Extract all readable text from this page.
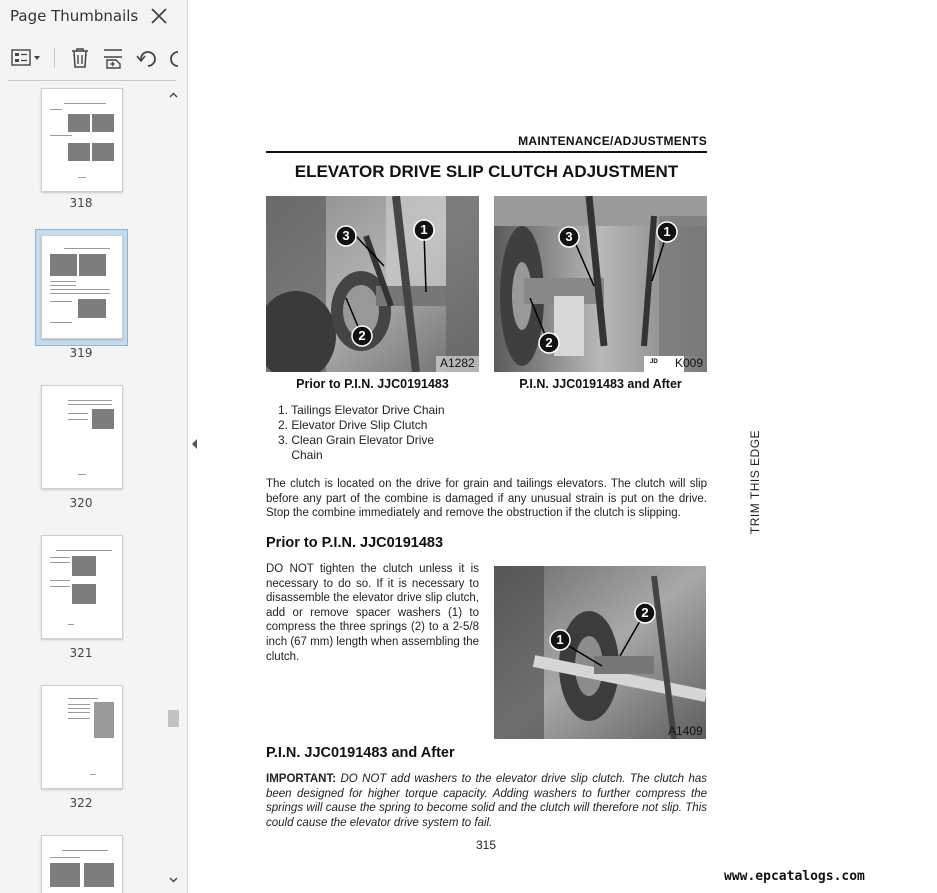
Page Thumbnails
318
319
320
321
322
MAINTENANCE/ADJUSTMENTS
ELEVATOR DRIVE SLIP CLUTCH ADJUSTMENT
3	1
2
A1282
Prior to P.I.N. JJC0191483
3	1
2
JD K009
P.I.N. JJC0191483 and After
1. Tailings Elevator Drive Chain
2. Elevator Drive Slip Clutch
3. Clean Grain Elevator Drive
Chain
The clutch is located on the drive for grain and tailings elevators. The clutch will slip before any part of the combine is damaged if any unusual strain is put on the drive. Stop the combine immediately and remove the obstruction if the clutch is slipping.
Prior to P.I.N. JJC0191483
DO NOT tighten the clutch unless it is necessary to do so. If it is necessary to disassemble the elevator drive slip clutch, add or remove spacer washers (1) to compress the three springs (2) to a 2-5/8 inch (67 mm) length when assembling the clutch.
1
2
A1409
P.I.N. JJC0191483 and After
IMPORTANT: DO NOT add washers to the elevator drive slip clutch. The clutch has been designed for higher torque capacity. Adding washers to further compress the springs will cause the spring to become solid and the clutch will therefore not slip. This could cause the elevator drive system to fail.
315
TRIM THIS EDGE
www.epcatalogs.com
